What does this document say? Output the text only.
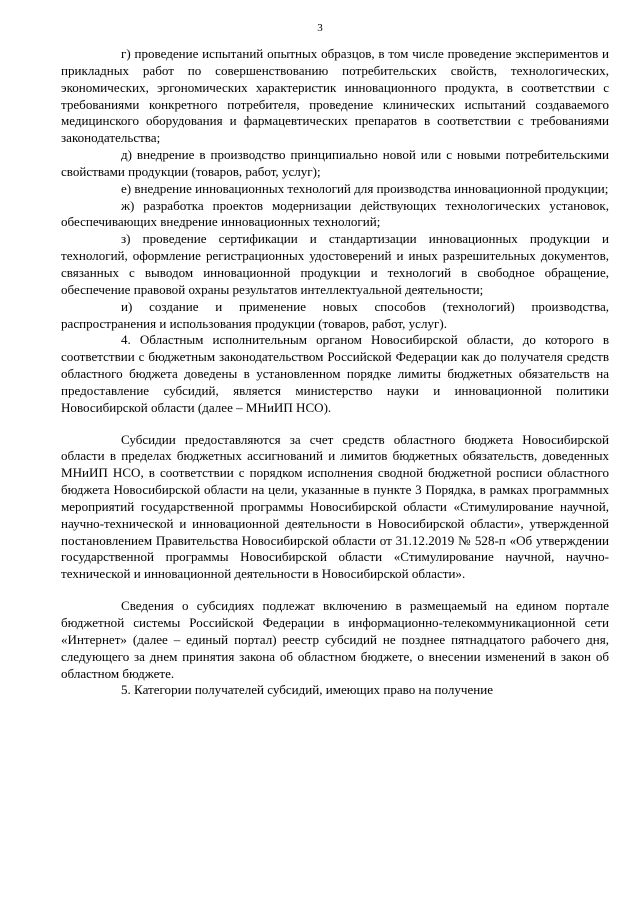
3

г) проведение испытаний опытных образцов, в том числе проведение экспериментов и прикладных работ по совершенствованию потребительских свойств, технологических, экономических, эргономических характеристик инновационного продукта, в соответствии с требованиями конкретного потребителя, проведение клинических испытаний создаваемого медицинского оборудования и фармацевтических препаратов в соответствии с требованиями законодательства;

д) внедрение в производство принципиально новой или с новыми потребительскими свойствами продукции (товаров, работ, услуг);

е) внедрение инновационных технологий для производства инновационной продукции;

ж) разработка проектов модернизации действующих технологических установок, обеспечивающих внедрение инновационных технологий;

з) проведение сертификации и стандартизации инновационных продукции и технологий, оформление регистрационных удостоверений и иных разрешительных документов, связанных с выводом инновационной продукции и технологий в свободное обращение, обеспечение правовой охраны результатов интеллектуальной деятельности;

и) создание и применение новых способов (технологий) производства, распространения и использования продукции (товаров, работ, услуг).

4. Областным исполнительным органом Новосибирской области, до которого в соответствии с бюджетным законодательством Российской Федерации как до получателя средств областного бюджета доведены в установленном порядке лимиты бюджетных обязательств на предоставление субсидий, является министерство науки и инновационной политики Новосибирской области (далее – МНиИП НСО).

Субсидии предоставляются за счет средств областного бюджета Новосибирской области в пределах бюджетных ассигнований и лимитов бюджетных обязательств, доведенных МНиИП НСО, в соответствии с порядком исполнения сводной бюджетной росписи областного бюджета Новосибирской области на цели, указанные в пункте 3 Порядка, в рамках программных мероприятий государственной программы Новосибирской области «Стимулирование научной, научно-технической и инновационной деятельности в Новосибирской области», утвержденной постановлением Правительства Новосибирской области от 31.12.2019 № 528-п «Об утверждении государственной программы Новосибирской области «Стимулирование научной, научно-технической и инновационной деятельности в Новосибирской области».

Сведения о субсидиях подлежат включению в размещаемый на едином портале бюджетной системы Российской Федерации в информационно-телекоммуникационной сети «Интернет» (далее – единый портал) реестр субсидий не позднее пятнадцатого рабочего дня, следующего за днем принятия закона об областном бюджете, о внесении изменений в закон об областном бюджете.

5. Категории получателей субсидий, имеющих право на получение
